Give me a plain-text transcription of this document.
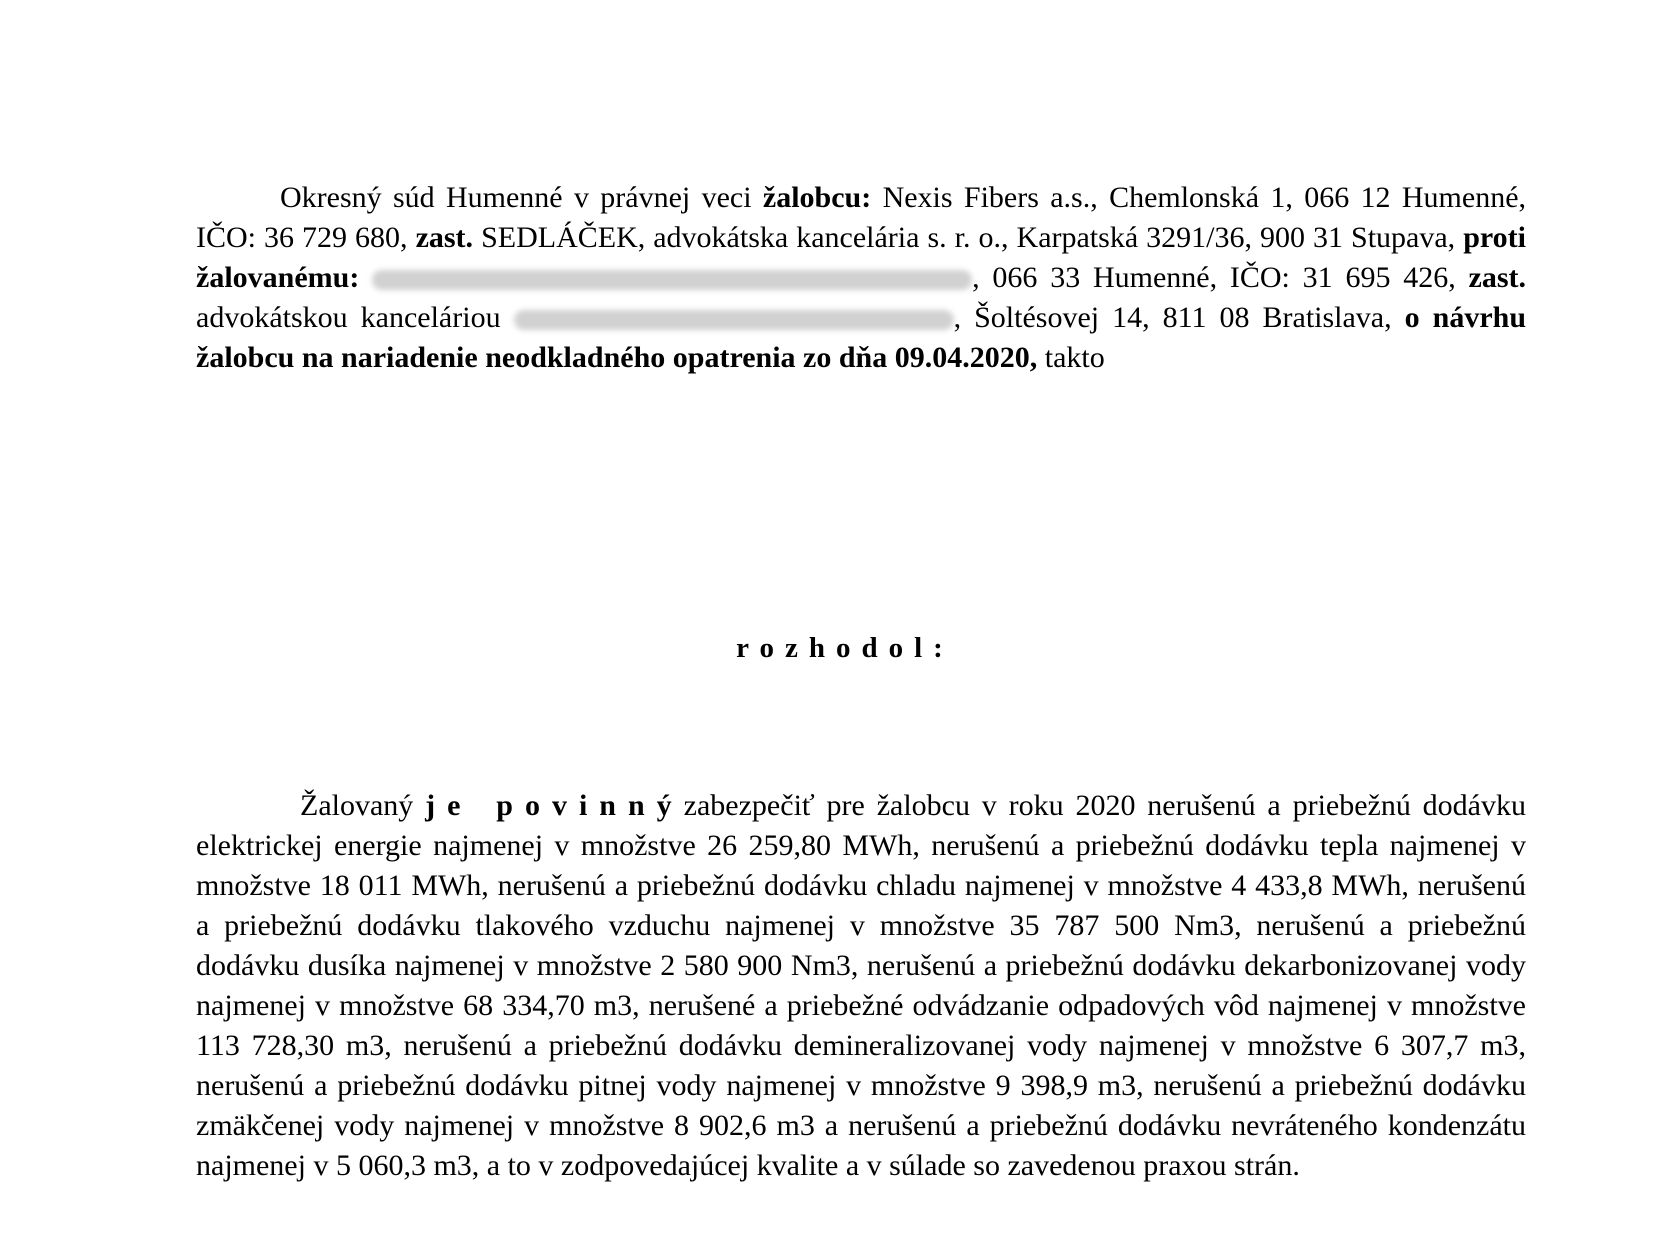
Okresný súd Humenné v právnej veci žalobcu: Nexis Fibers a.s., Chemlonská 1, 066 12 Humenné, IČO: 36 729 680, zast. SEDLÁČEK, advokátska kancelária s. r. o., Karpatská 3291/36, 900 31 Stupava, proti žalovanému:	, 066 33 Humenné, IČO: 31 695 426, zast. advokátskou kanceláriou	, Šoltésovej 14, 811 08 Bratislava, o návrhu žalobcu na nariadenie neodkladného opatrenia zo dňa 09.04.2020, takto

rozhodol:

Žalovaný je povinnýzabezpečiť pre žalobcu v roku 2020 nerušenú a priebežnú dodávku elektrickej energie najmenej v množstve 26 259,80 MWh, nerušenú a priebežnú dodávku tepla najmenej v množstve 18 011 MWh, nerušenú a priebežnú dodávku chladu najmenej v množstve 4 433,8 MWh, nerušenú a priebežnú dodávku tlakového vzduchu najmenej v množstve 35 787 500 Nm3, nerušenú a priebežnú dodávku dusíka najmenej v množstve 2 580 900 Nm3, nerušenú a priebežnú dodávku dekarbonizovanej vody najmenej v množstve 68 334,70 m3, nerušené a priebežné odvádzanie odpadových vôd najmenej v množstve 113 728,30 m3, nerušenú a priebežnú dodávku demineralizovanej vody najmenej v množstve 6 307,7 m3, nerušenú a priebežnú dodávku pitnej vody najmenej v množstve 9 398,9 m3, nerušenú a priebežnú dodávku zmäkčenej vody najmenej v množstve 8 902,6 m3 a nerušenú a priebežnú dodávku nevráteného kondenzátu najmenej v 5 060,3 m3, a to v zodpovedajúcej kvalite a v súlade so zavedenou praxou strán.
